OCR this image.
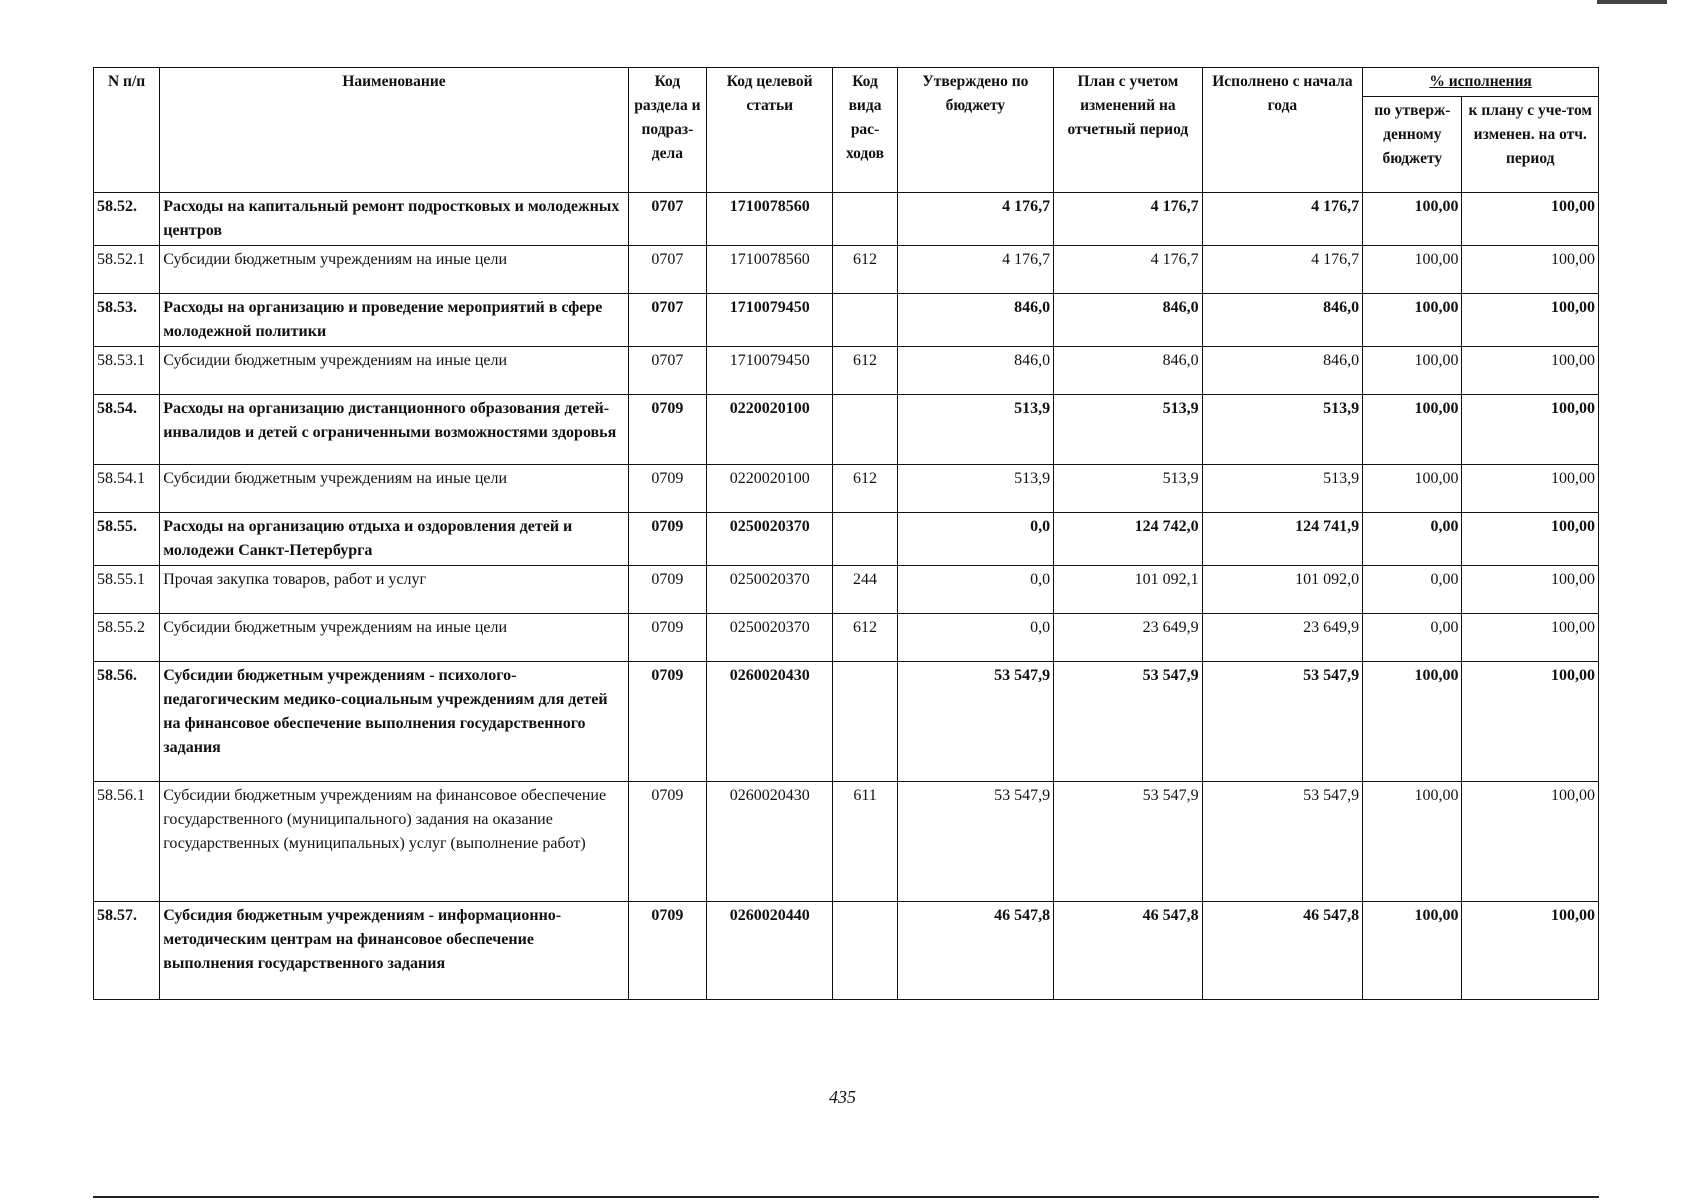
N п/п	Наименование	Код раздела и подраз-дела	Код целевой статьи	Код вида рас-ходов	Утверждено по бюджету	План с учетом изменений на отчетный период	Исполнено с начала года	% исполнения	
								по утверж-денному бюджету	к плану с уче-том изменен. на отч. период
58.52.	Расходы на капитальный ремонт подростковых и молодежных центров	0707	1710078560		4 176,7	4 176,7	4 176,7	100,00	100,00
58.52.1	Субсидии бюджетным учреждениям на иные цели	0707	1710078560	612	4 176,7	4 176,7	4 176,7	100,00	100,00
58.53.	Расходы на организацию и проведение мероприятий в сфере молодежной политики	0707	1710079450		846,0	846,0	846,0	100,00	100,00
58.53.1	Субсидии бюджетным учреждениям на иные цели	0707	1710079450	612	846,0	846,0	846,0	100,00	100,00
58.54.	Расходы на организацию дистанционного образования детей-инвалидов и детей с ограниченными возможностями здоровья	0709	0220020100		513,9	513,9	513,9	100,00	100,00
58.54.1	Субсидии бюджетным учреждениям на иные цели	0709	0220020100	612	513,9	513,9	513,9	100,00	100,00
58.55.	Расходы на организацию отдыха и оздоровления детей и молодежи Санкт-Петербурга	0709	0250020370		0,0	124 742,0	124 741,9	0,00	100,00
58.55.1	Прочая закупка товаров, работ и услуг	0709	0250020370	244	0,0	101 092,1	101 092,0	0,00	100,00
58.55.2	Субсидии бюджетным учреждениям на иные цели	0709	0250020370	612	0,0	23 649,9	23 649,9	0,00	100,00
58.56.	Субсидии бюджетным учреждениям - психолого-педагогическим медико-социальным учреждениям для детей на финансовое обеспечение выполнения государственного задания	0709	0260020430		53 547,9	53 547,9	53 547,9	100,00	100,00
58.56.1	Субсидии бюджетным учреждениям на финансовое обеспечение государственного (муниципального) задания на оказание государственных (муниципальных) услуг (выполнение работ)	0709	0260020430	611	53 547,9	53 547,9	53 547,9	100,00	100,00
58.57.	Субсидия бюджетным учреждениям - информационно-методическим центрам на финансовое обеспечение выполнения государственного задания	0709	0260020440		46 547,8	46 547,8	46 547,8	100,00	100,00
435
